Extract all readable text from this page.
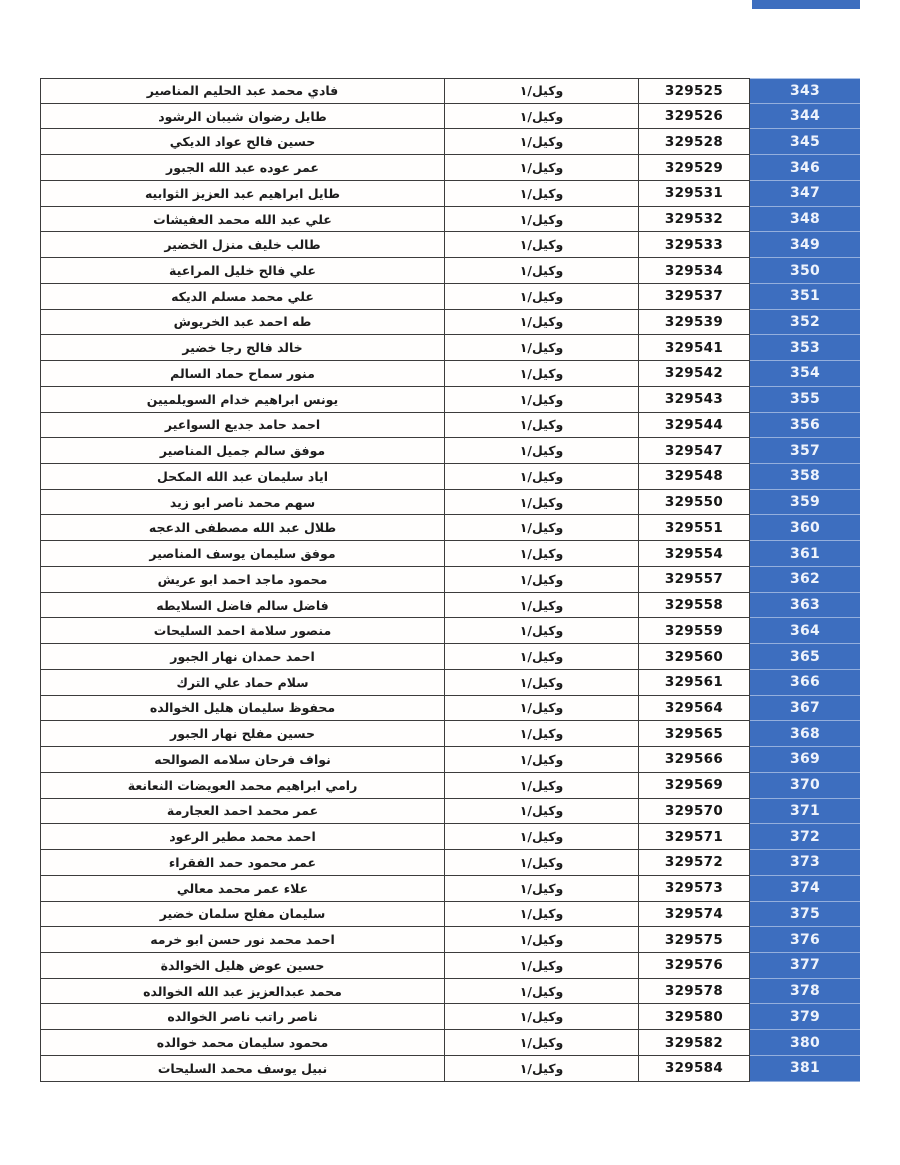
فادي محمد عبد الحليم المناصير	وكيل/١	329525	343
طايل رضوان شيبان الرشود	وكيل/١	329526	344
حسين فالح عواد الديكي	وكيل/١	329528	345
عمر عوده عبد الله الجبور	وكيل/١	329529	346
طايل ابراهيم عبد العزيز الثوابيه	وكيل/١	329531	347
علي عبد الله محمد العفيشات	وكيل/١	329532	348
طالب خليف منزل الخضير	وكيل/١	329533	349
علي فالح خليل المراعية	وكيل/١	329534	350
علي محمد مسلم الديكه	وكيل/١	329537	351
طه احمد عبد الخريوش	وكيل/١	329539	352
خالد فالح رجا خضير	وكيل/١	329541	353
منور سماح حماد السالم	وكيل/١	329542	354
يونس ابراهيم خدام السويلميين	وكيل/١	329543	355
احمد حامد جديع السواعير	وكيل/١	329544	356
موفق سالم جميل المناصير	وكيل/١	329547	357
اياد سليمان عبد الله المكحل	وكيل/١	329548	358
سهم محمد ناصر ابو زيد	وكيل/١	329550	359
طلال عبد الله مصطفى الدعجه	وكيل/١	329551	360
موفق سليمان يوسف المناصير	وكيل/١	329554	361
محمود ماجد احمد ابو عريش	وكيل/١	329557	362
فاضل سالم فاضل السلايطه	وكيل/١	329558	363
منصور سلامة احمد السليحات	وكيل/١	329559	364
احمد حمدان نهار الجبور	وكيل/١	329560	365
سلام حماد علي الترك	وكيل/١	329561	366
محفوظ سليمان هليل الخوالده	وكيل/١	329564	367
حسين مفلح نهار الجبور	وكيل/١	329565	368
نواف فرحان سلامه الصوالحه	وكيل/١	329566	369
رامي ابراهيم محمد العويضات النعانعة	وكيل/١	329569	370
عمر محمد احمد العجارمة	وكيل/١	329570	371
احمد محمد مطير الرعود	وكيل/١	329571	372
عمر محمود حمد الفقراء	وكيل/١	329572	373
علاء عمر محمد معالي	وكيل/١	329573	374
سليمان مفلح سلمان خضير	وكيل/١	329574	375
احمد محمد نور حسن ابو خرمه	وكيل/١	329575	376
حسين عوض هليل الخوالدة	وكيل/١	329576	377
محمد عبدالعزيز عبد الله الخوالده	وكيل/١	329578	378
ناصر راتب ناصر الخوالده	وكيل/١	329580	379
محمود سليمان محمد خوالده	وكيل/١	329582	380
نبيل يوسف محمد السليحات	وكيل/١	329584	381
